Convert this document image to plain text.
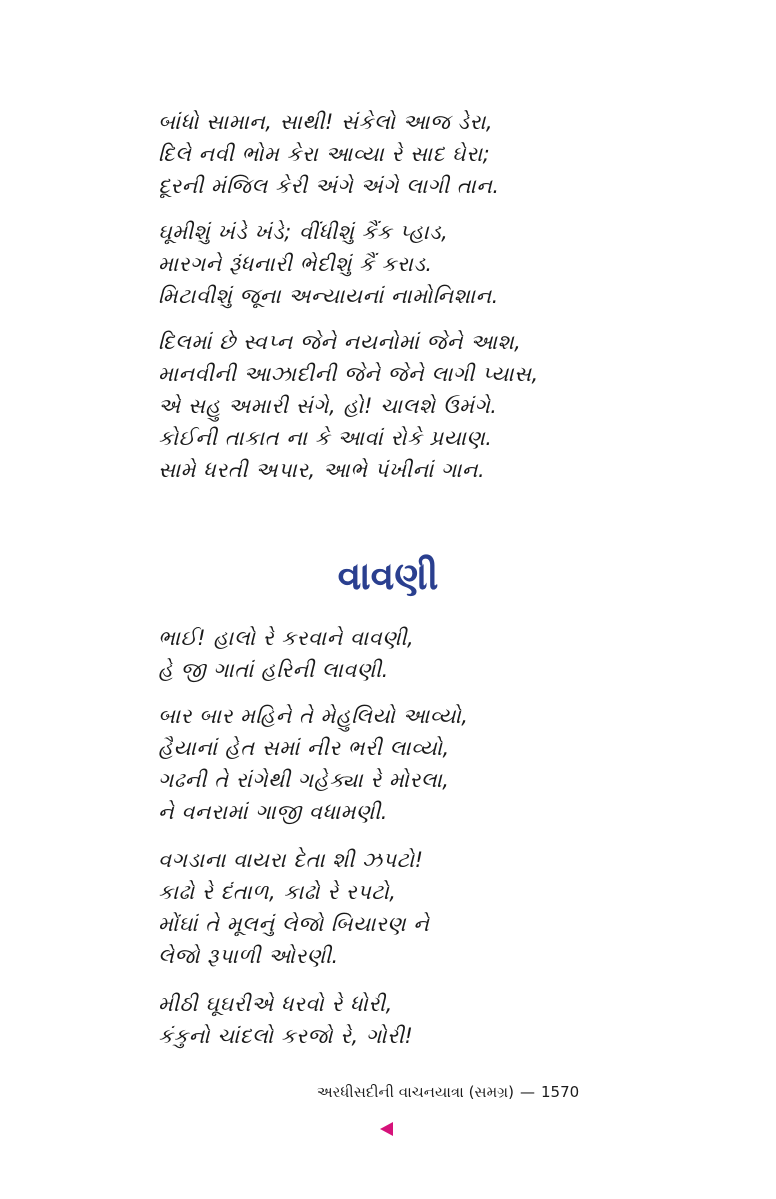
બાંધો સામાન, સાથી! સંકેલો આજ ડેરા,
દિલે નવી ભોમ કેરા આવ્યા રે સાદ ઘેરા;
દૂરની મંજિલ કેરી અંગે અંગે લાગી તાન.
ઘૂમીશું ખંડે ખંડે; વીંધીશું કૈંક પ્હાડ,
મારગને રૂંધનારી ભેદીશું કૈં કરાડ.
મિટાવીશું જૂના અન્યાયનાં નામોનિશાન.
દિલમાં છે સ્વપ્ન જેને નયનોમાં જેને આશ,
માનવીની આઝાદીની જેને જેને લાગી પ્યાસ,
એ સહુ અમારી સંગે, હો! ચાલશે ઉમંગે.
કોઈની તાકાત ના કે આવાં રોકે પ્રયાણ.
સામે ધરતી અપાર, આભે પંખીનાં ગાન.
વાવણી
ભાઈ! હાલો રે કરવાને વાવણી,
હે જી ગાતાં હરિની લાવણી.
બાર બાર મહિને તે મેહુલિયો આવ્યો,
હૈયાનાં હેત સમાં નીર ભરી લાવ્યો,
ગઢની તે રાંગેથી ગહેક્યા રે મોરલા,
ને વનરામાં ગાજી વધામણી.
વગડાના વાયરા દેતા શી ઝપટો!
કાઢો રે દંતાળ, કાઢો રે રપટો,
મોંઘાં તે મૂલનું લેજો બિયારણ ને
લેજો રૂપાળી ઓરણી.
મીઠી ઘૂઘરીએ ધરવો રે ધોરી,
કંકુનો ચાંદલો કરજો રે, ગોરી!
અરધીસદીની વાચનયાત્રા (સમગ્ર) — 1570
